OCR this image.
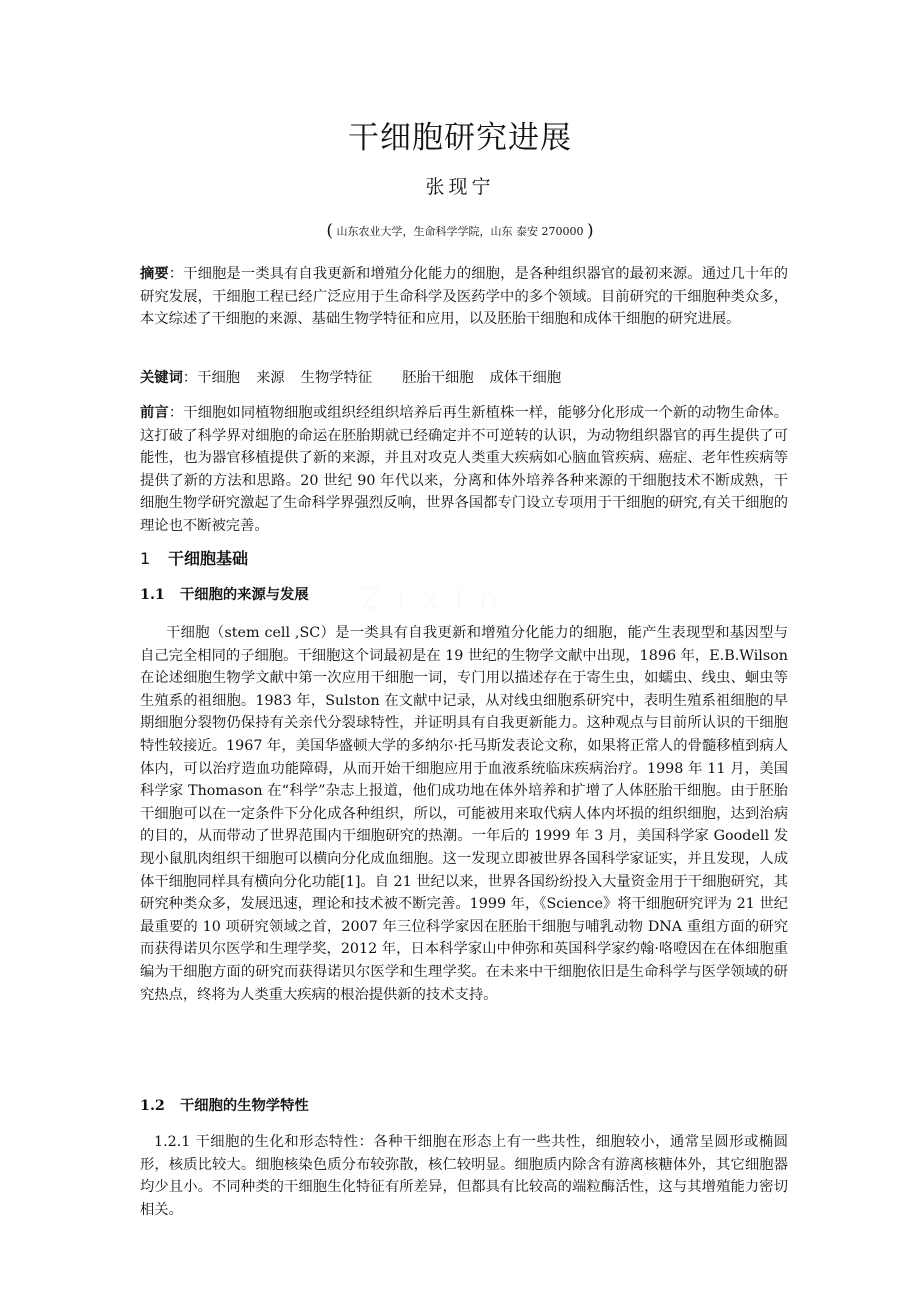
Zixin
干细胞研究进展

张现宁

( 山东农业大学，生命科学学院，山东 泰安 270000 )

摘要：干细胞是一类具有自我更新和增殖分化能力的细胞，是各种组织器官的最初来源。通过几十年的研究发展，干细胞工程已经广泛应用于生命科学及医药学中的多个领域。目前研究的干细胞种类众多，本文综述了干细胞的来源、基础生物学特征和应用，以及胚胎干细胞和成体干细胞的研究进展。

关键词：干细胞 来源 生物学特征 胚胎干细胞 成体干细胞

前言：干细胞如同植物细胞或组织经组织培养后再生新植株一样，能够分化形成一个新的动物生命体。这打破了科学界对细胞的命运在胚胎期就已经确定并不可逆转的认识，为动物组织器官的再生提供了可能性，也为器官移植提供了新的来源，并且对攻克人类重大疾病如心脑血管疾病、癌症、老年性疾病等提供了新的方法和思路。20 世纪 90 年代以来，分离和体外培养各种来源的干细胞技术不断成熟，干细胞生物学研究激起了生命科学界强烈反响，世界各国都专门设立专项用于干细胞的研究,有关干细胞的理论也不断被完善。

1 干细胞基础
1.1 干细胞的来源与发展

干细胞（stem cell ,SC）是一类具有自我更新和增殖分化能力的细胞，能产生表现型和基因型与自己完全相同的子细胞。干细胞这个词最初是在 19 世纪的生物学文献中出现，1896 年，E.B.Wilson 在论述细胞生物学文献中第一次应用干细胞一词，专门用以描述存在于寄生虫，如蠕虫、线虫、蛔虫等生殖系的祖细胞。1983 年，Sulston 在文献中记录，从对线虫细胞系研究中，表明生殖系祖细胞的早期细胞分裂物仍保持有关亲代分裂球特性，并证明具有自我更新能力。这种观点与目前所认识的干细胞特性较接近。1967 年，美国华盛顿大学的多纳尔·托马斯发表论文称，如果将正常人的骨髓移植到病人体内，可以治疗造血功能障碍，从而开始干细胞应用于血液系统临床疾病治疗。1998 年 11 月，美国科学家 Thomason 在“科学”杂志上报道，他们成功地在体外培养和扩增了人体胚胎干细胞。由于胚胎干细胞可以在一定条件下分化成各种组织，所以，可能被用来取代病人体内坏损的组织细胞，达到治病的目的，从而带动了世界范围内干细胞研究的热潮。一年后的 1999 年 3 月，美国科学家 Goodell 发现小鼠肌肉组织干细胞可以横向分化成血细胞。这一发现立即被世界各国科学家证实，并且发现，人成体干细胞同样具有横向分化功能[1]。自 21 世纪以来，世界各国纷纷投入大量资金用于干细胞研究，其研究种类众多，发展迅速，理论和技术被不断完善。1999 年，《Science》将干细胞研究评为 21 世纪最重要的 10 项研究领域之首，2007 年三位科学家因在胚胎干细胞与哺乳动物 DNA 重组方面的研究而获得诺贝尔医学和生理学奖，2012 年，日本科学家山中伸弥和英国科学家约翰·咯噔因在在体细胞重编为干细胞方面的研究而获得诺贝尔医学和生理学奖。在未来中干细胞依旧是生命科学与医学领域的研究热点，终将为人类重大疾病的根治提供新的技术支持。

1.2 干细胞的生物学特性

1.2.1 干细胞的生化和形态特性：各种干细胞在形态上有一些共性，细胞较小，通常呈圆形或椭圆形，核质比较大。细胞核染色质分布较弥散，核仁较明显。细胞质内除含有游离核糖体外，其它细胞器均少且小。不同种类的干细胞生化特征有所差异，但都具有比较高的端粒酶活性，这与其增殖能力密切相关。
